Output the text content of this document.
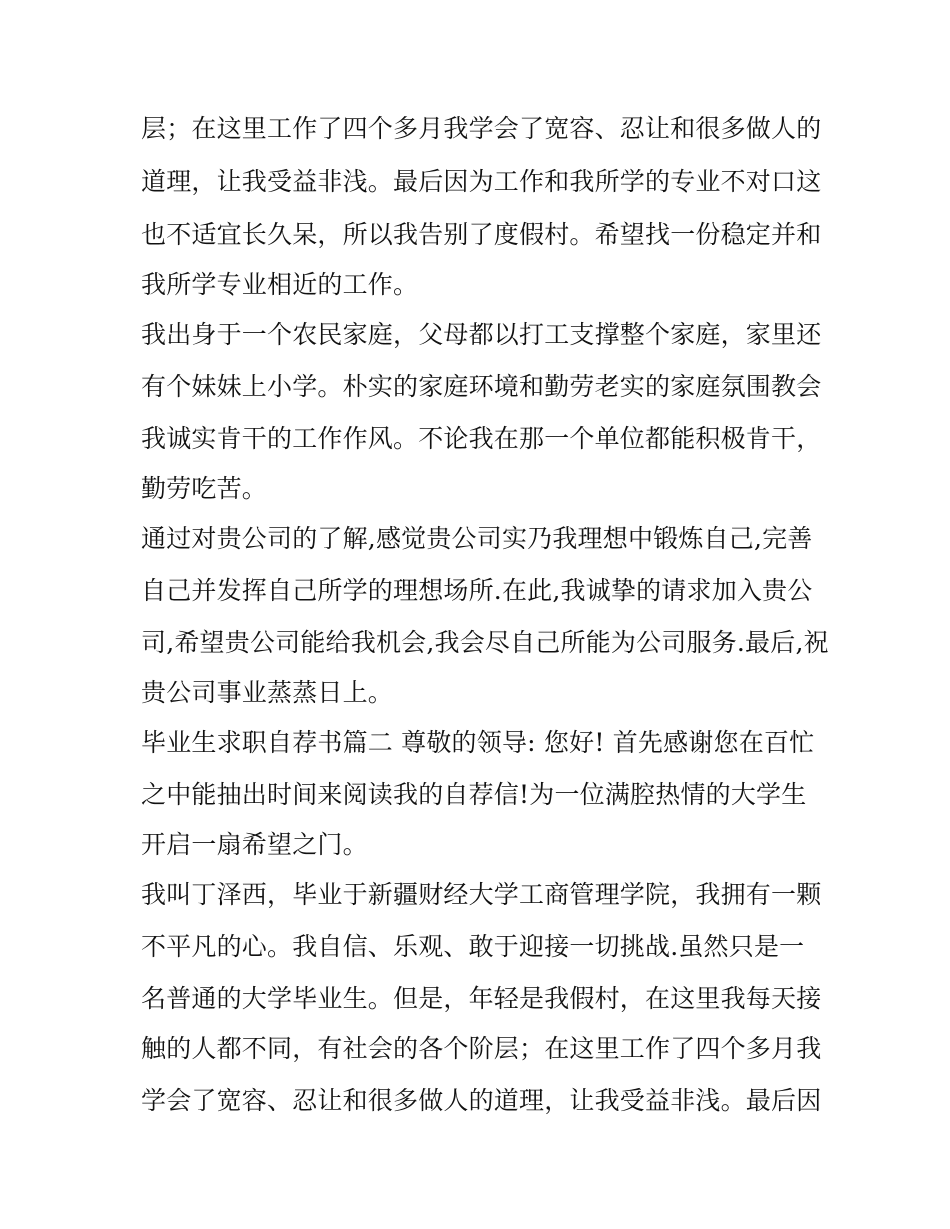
层；在这里工作了四个多月我学会了宽容、忍让和很多做人的
道理，让我受益非浅。最后因为工作和我所学的专业不对口这
也不适宜长久呆，所以我告别了度假村。希望找一份稳定并和
我所学专业相近的工作。
我出身于一个农民家庭，父母都以打工支撑整个家庭，家里还
有个妹妹上小学。朴实的家庭环境和勤劳老实的家庭氛围教会
我诚实肯干的工作作风。不论我在那一个单位都能积极肯干，
勤劳吃苦。
通过对贵公司的了解,感觉贵公司实乃我理想中锻炼自己,完善
自己并发挥自己所学的理想场所.在此,我诚挚的请求加入贵公
司,希望贵公司能给我机会,我会尽自己所能为公司服务.最后,祝
贵公司事业蒸蒸日上。
毕业生求职自荐书篇二 尊敬的领导: 您好! 首先感谢您在百忙
之中能抽出时间来阅读我的自荐信!为一位满腔热情的大学生
开启一扇希望之门。
我叫丁泽西，毕业于新疆财经大学工商管理学院，我拥有一颗
不平凡的心。我自信、乐观、敢于迎接一切挑战.虽然只是一
名普通的大学毕业生。但是，年轻是我假村，在这里我每天接
触的人都不同，有社会的各个阶层；在这里工作了四个多月我
学会了宽容、忍让和很多做人的道理，让我受益非浅。最后因
